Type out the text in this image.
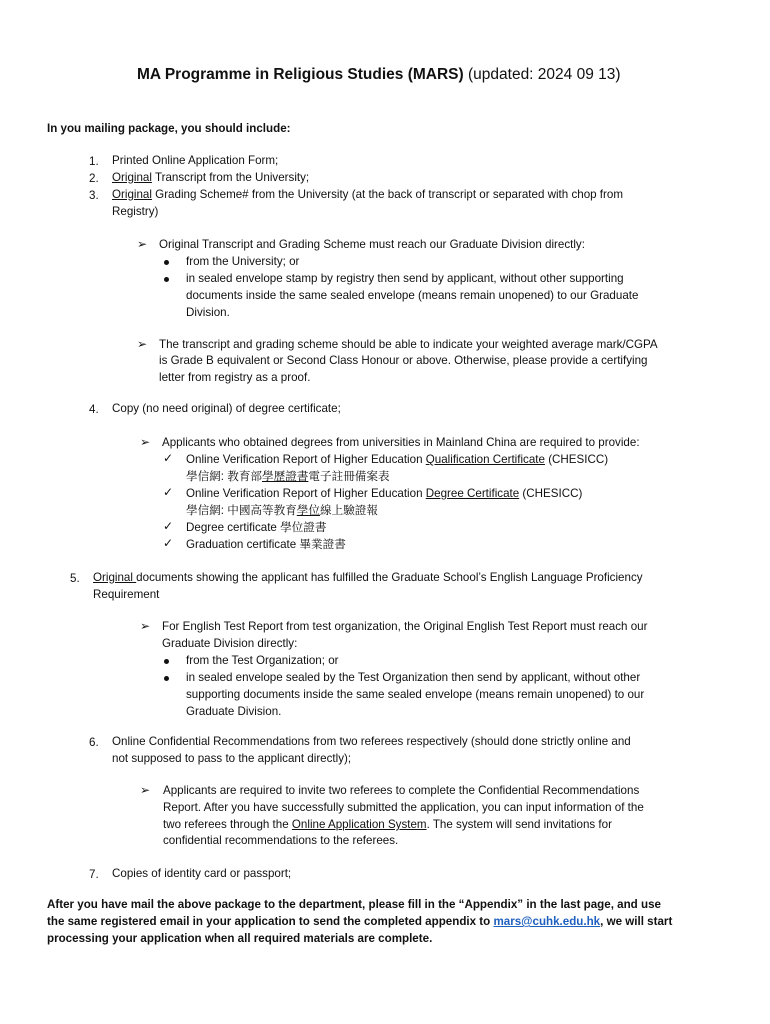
MA Programme in Religious Studies (MARS) (updated: 2024 09 13)
In you mailing package, you should include:
1. Printed Online Application Form;
2. Original Transcript from the University;
3. Original Grading Scheme# from the University (at the back of transcript or separated with chop from
Registry)
➢ Original Transcript and Grading Scheme must reach our Graduate Division directly:
from the University; or
in sealed envelope stamp by registry then send by applicant, without other supporting
documents inside the same sealed envelope (means remain unopened) to our Graduate
Division.
➢ The transcript and grading scheme should be able to indicate your weighted average mark/CGPA
is Grade B equivalent or Second Class Honour or above. Otherwise, please provide a certifying
letter from registry as a proof.
4. Copy (no need original) of degree certificate;
➢ Applicants who obtained degrees from universities in Mainland China are required to provide:
✓ Online Verification Report of Higher Education Qualification Certificate (CHESICC)
學信網: 教育部學歷證書電子註冊備案表
✓ Online Verification Report of Higher Education Degree Certificate (CHESICC)
學信網: 中國高等教育學位線上驗證報
✓ Degree certificate 學位證書
✓ Graduation certificate 畢業證書
5. Original documents showing the applicant has fulfilled the Graduate School’s English Language Proficiency
Requirement
➢ For English Test Report from test organization, the Original English Test Report must reach our
Graduate Division directly:
from the Test Organization; or
in sealed envelope sealed by the Test Organization then send by applicant, without other
supporting documents inside the same sealed envelope (means remain unopened) to our
Graduate Division.
6. Online Confidential Recommendations from two referees respectively (should done strictly online and
not supposed to pass to the applicant directly);
➢ Applicants are required to invite two referees to complete the Confidential Recommendations
Report. After you have successfully submitted the application, you can input information of the
two referees through the Online Application System. The system will send invitations for
confidential recommendations to the referees.
7. Copies of identity card or passport;
After you have mail the above package to the department, please fill in the “Appendix” in the last page, and use
the same registered email in your application to send the completed appendix to mars@cuhk.edu.hk, we will start
processing your application when all required materials are complete.
